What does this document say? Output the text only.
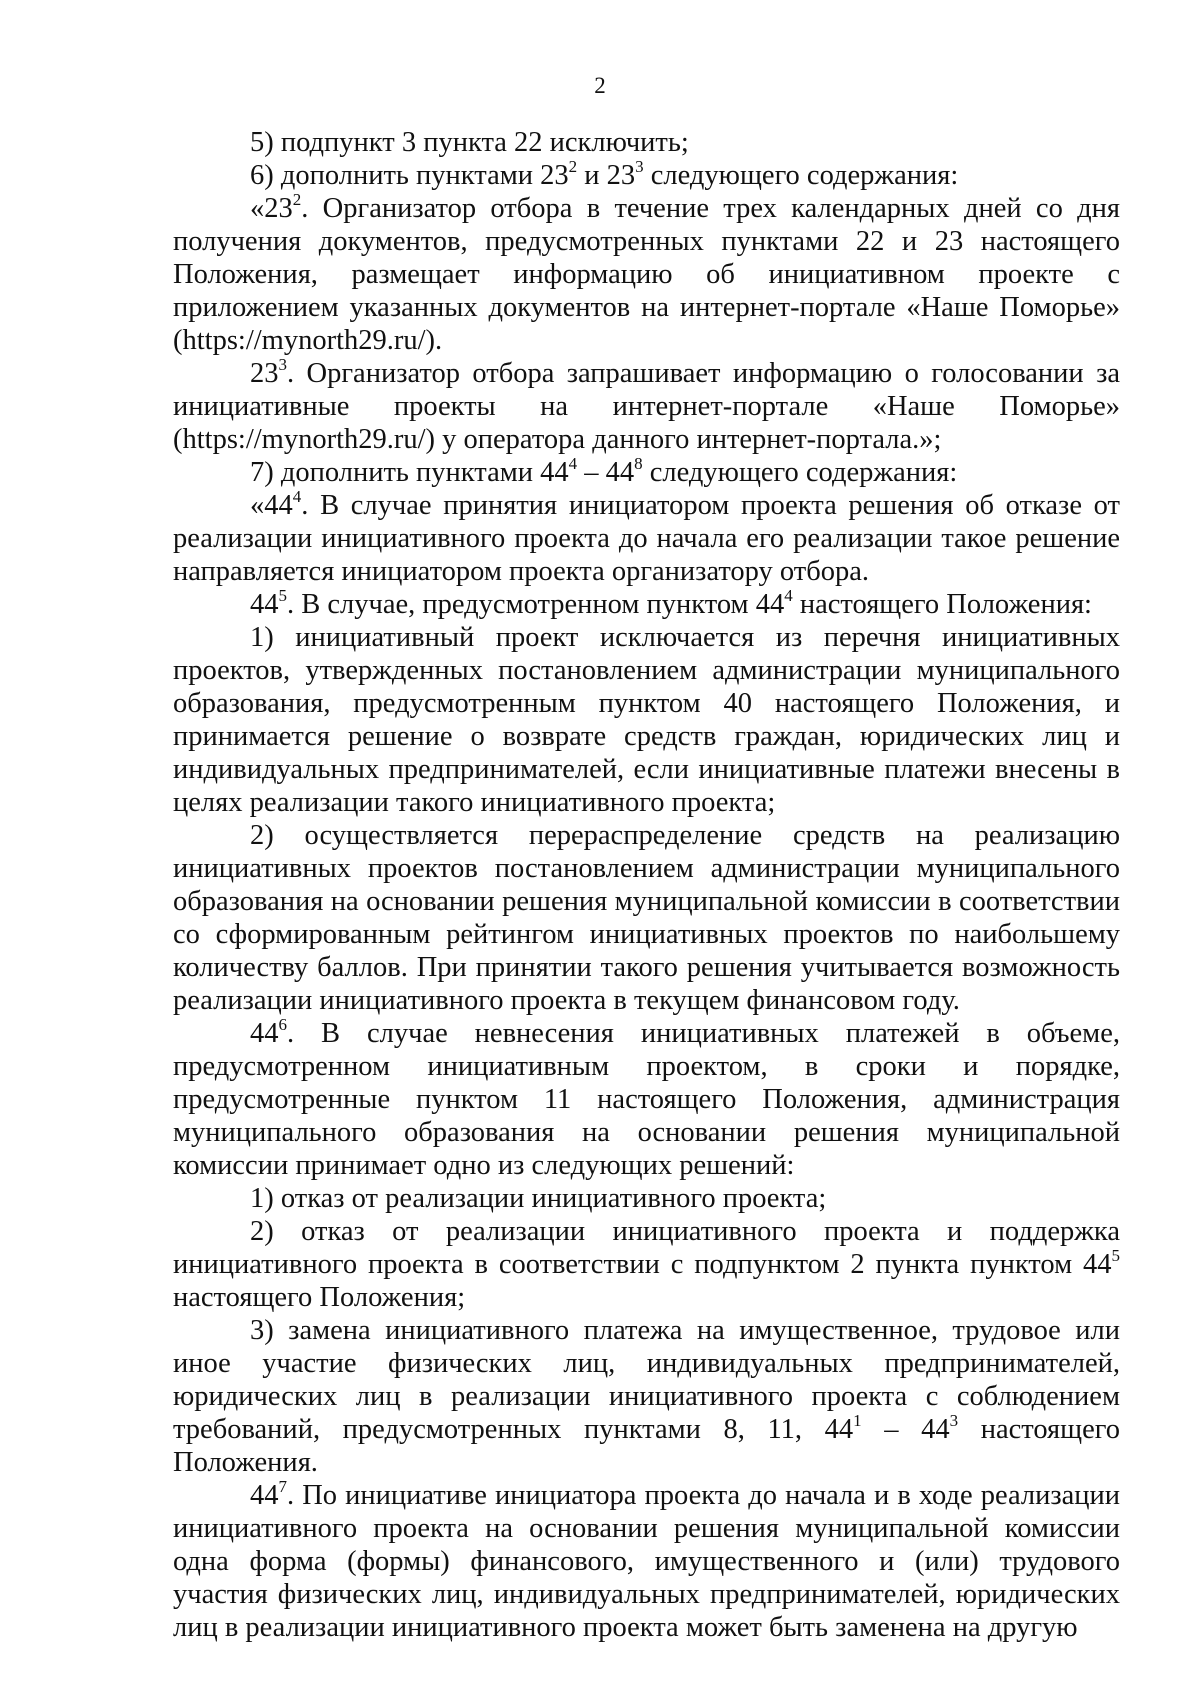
2

5) подпункт 3 пункта 22 исключить;

6) дополнить пунктами $23^2$ и $23^3$ следующего содержания:

«$23^2$. Организатор отбора в течение трех календарных дней со дня получения документов, предусмотренных пунктами 22 и 23 настоящего Положения, размещает информацию об инициативном проекте с приложением указанных документов на интернет-портале «Наше Поморье» (https://mynorth29.ru/).

$23^3$. Организатор отбора запрашивает информацию о голосовании за инициативные проекты на интернет-портале «Наше Поморье» (https://mynorth29.ru/) у оператора данного интернет-портала.»;

7) дополнить пунктами $44^4 - 44^8$ следующего содержания:

«$44^4$. В случае принятия инициатором проекта решения об отказе от реализации инициативного проекта до начала его реализации такое решение направляется инициатором проекта организатору отбора.

$44^5$. В случае, предусмотренном пунктом $44^4$ настоящего Положения:

1) инициативный проект исключается из перечня инициативных проектов, утвержденных постановлением администрации муниципального образования, предусмотренным пунктом 40 настоящего Положения, и принимается решение о возврате средств граждан, юридических лиц и индивидуальных предпринимателей, если инициативные платежи внесены в целях реализации такого инициативного проекта;

2) осуществляется перераспределение средств на реализацию инициативных проектов постановлением администрации муниципального образования на основании решения муниципальной комиссии в соответствии со сформированным рейтингом инициативных проектов по наибольшему количеству баллов. При принятии такого решения учитывается возможность реализации инициативного проекта в текущем финансовом году.

$44^6$. В случае невнесения инициативных платежей в объеме, предусмотренном инициативным проектом, в сроки и порядке, предусмотренные пунктом 11 настоящего Положения, администрация муниципального образования на основании решения муниципальной комиссии принимает одно из следующих решений:

1) отказ от реализации инициативного проекта;

2) отказ от реализации инициативного проекта и поддержка инициативного проекта в соответствии с подпунктом 2 пункта пунктом $44^5$ настоящего Положения;

3) замена инициативного платежа на имущественное, трудовое или иное участие физических лиц, индивидуальных предпринимателей, юридических лиц в реализации инициативного проекта с соблюдением требований, предусмотренных пунктами 8, 11, $44^1 - 44^3$ настоящего Положения.

$44^7$. По инициативе инициатора проекта до начала и в ходе реализации инициативного проекта на основании решения муниципальной комиссии одна форма (формы) финансового, имущественного и (или) трудового участия физических лиц, индивидуальных предпринимателей, юридических лиц в реализации инициативного проекта может быть заменена на другую
